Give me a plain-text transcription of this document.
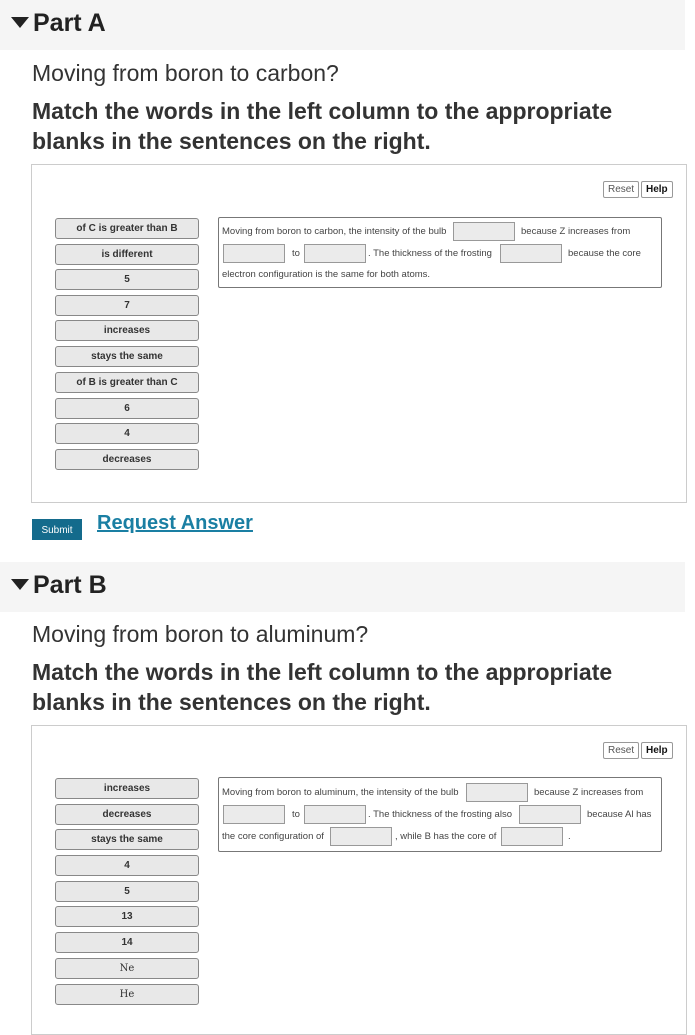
Part A
Moving from boron to carbon?
Match the words in the left column to the appropriate blanks in the sentences on the right.
Reset	Help
of C is greater than B
is different
5
7
increases
stays the same
of B is greater than C
6
4
decreases
Moving from boron to carbon, the intensity of the bulb	because Z increases from
to	. The thickness of the frosting	because the core
electron configuration is the same for both atoms.
Submit	Request Answer
Part B
Moving from boron to aluminum?
Match the words in the left column to the appropriate blanks in the sentences on the right.
Reset	Help
increases
decreases
stays the same
4
5
13
14
Ne
He
Moving from boron to aluminum, the intensity of the bulb	because Z increases from
to	. The thickness of the frosting also	because Al has
the core configuration of	, while B has the core of	.
